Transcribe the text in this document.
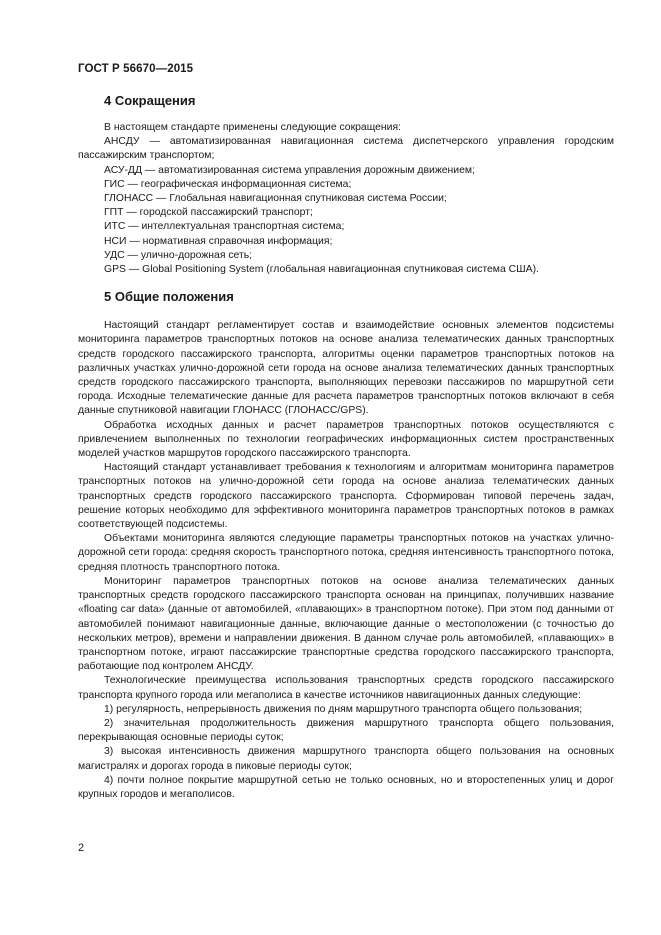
ГОСТ Р 56670—2015
4 Сокращения

В настоящем стандарте применены следующие сокращения:

АНСДУ — автоматизированная навигационная система диспетчерского управления городским пассажирским транспортом;
АСУ-ДД — автоматизированная система управления дорожным движением;
ГИС — географическая информационная система;
ГЛОНАСС — Глобальная навигационная спутниковая система России;
ГПТ — городской пассажирский транспорт;
ИТС — интеллектуальная транспортная система;
НСИ — нормативная справочная информация;
УДС — улично-дорожная сеть;
GPS — Global Positioning System (глобальная навигационная спутниковая система США).
5 Общие положения

Настоящий стандарт регламентирует состав и взаимодействие основных элементов подсистемы мониторинга параметров транспортных потоков на основе анализа телематических данных транспортных средств городского пассажирского транспорта, алгоритмы оценки параметров транспортных потоков на различных участках улично-дорожной сети города на основе анализа телематических данных транспортных средств городского пассажирского транспорта, выполняющих перевозки пассажиров по маршрутной сети города. Исходные телематические данные для расчета параметров транспортных потоков включают в себя данные спутниковой навигации ГЛОНАСС (ГЛОНАСС/GPS).

Обработка исходных данных и расчет параметров транспортных потоков осуществляются с привлечением выполненных по технологии географических информационных систем пространственных моделей участков маршрутов городского пассажирского транспорта.

Настоящий стандарт устанавливает требования к технологиям и алгоритмам мониторинга параметров транспортных потоков на улично-дорожной сети города на основе анализа телематических данных транспортных средств городского пассажирского транспорта. Сформирован типовой перечень задач, решение которых необходимо для эффективного мониторинга параметров транспортных потоков в рамках соответствующей подсистемы.

Объектами мониторинга являются следующие параметры транспортных потоков на участках улично-дорожной сети города: средняя скорость транспортного потока, средняя интенсивность транспортного потока, средняя плотность транспортного потока.

Мониторинг параметров транспортных потоков на основе анализа телематических данных транспортных средств городского пассажирского транспорта основан на принципах, получивших название «floating car data» (данные от автомобилей, «плавающих» в транспортном потоке). При этом под данными от автомобилей понимают навигационные данные, включающие данные о местоположении (с точностью до нескольких метров), времени и направлении движения. В данном случае роль автомобилей, «плавающих» в транспортном потоке, играют пассажирские транспортные средства городского пассажирского транспорта, работающие под контролем АНСДУ.

Технологические преимущества использования транспортных средств городского пассажирского транспорта крупного города или мегаполиса в качестве источников навигационных данных следующие:

1) регулярность, непрерывность движения по дням маршрутного транспорта общего пользования;

2) значительная продолжительность движения маршрутного транспорта общего пользования, перекрывающая основные периоды суток;

3) высокая интенсивность движения маршрутного транспорта общего пользования на основных магистралях и дорогах города в пиковые периоды суток;

4) почти полное покрытие маршрутной сетью не только основных, но и второстепенных улиц и дорог крупных городов и мегаполисов.

2
